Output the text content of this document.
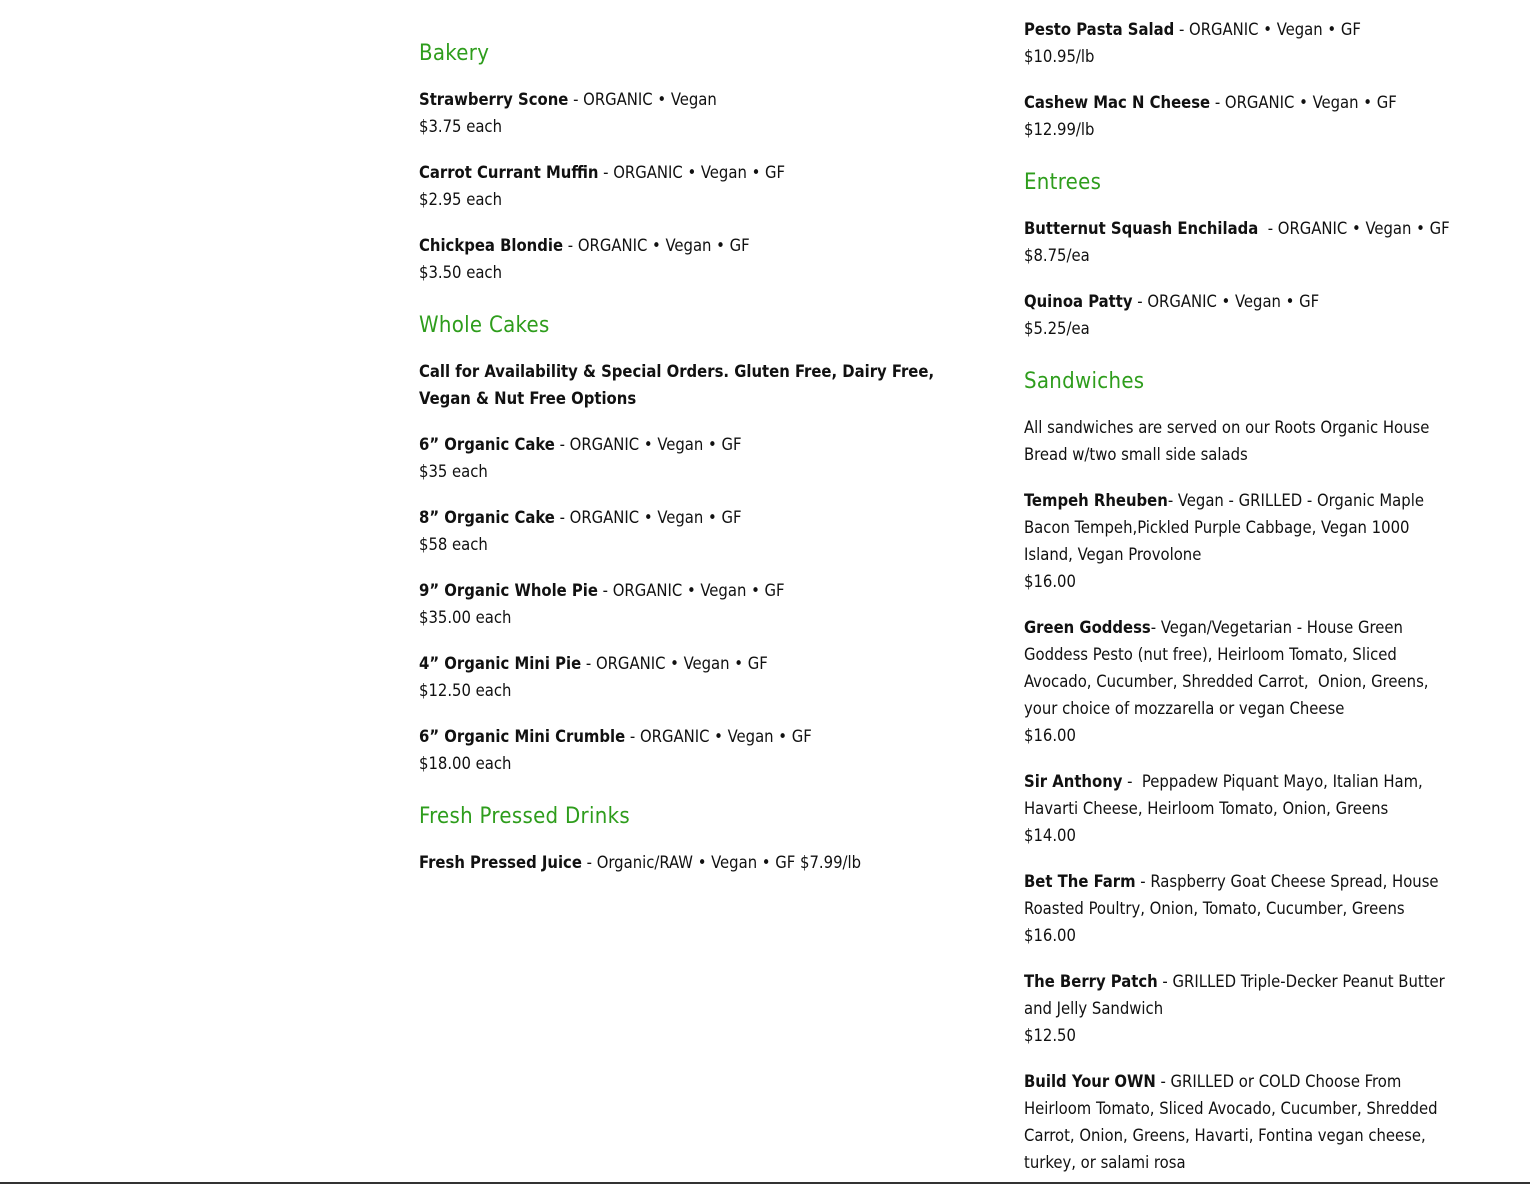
Bakery
Strawberry Scone - ORGANIC • Vegan
$3.75 each
Carrot Currant Muffin - ORGANIC • Vegan • GF
$2.95 each
Chickpea Blondie - ORGANIC • Vegan • GF
$3.50 each
Whole Cakes
Call for Availability & Special Orders. Gluten Free, Dairy Free, Vegan & Nut Free Options
6” Organic Cake - ORGANIC • Vegan • GF
$35 each
8” Organic Cake - ORGANIC • Vegan • GF
$58 each
9” Organic Whole Pie - ORGANIC • Vegan • GF
$35.00 each
4” Organic Mini Pie - ORGANIC • Vegan • GF
$12.50 each
6” Organic Mini Crumble - ORGANIC • Vegan • GF
$18.00 each
Fresh Pressed Drinks
Fresh Pressed Juice - Organic/RAW • Vegan • GF $7.99/lb
Pesto Pasta Salad - ORGANIC • Vegan • GF
$10.95/lb
Cashew Mac N Cheese - ORGANIC • Vegan • GF
$12.99/lb
Entrees
Butternut Squash Enchilada  - ORGANIC • Vegan • GF
$8.75/ea
Quinoa Patty - ORGANIC • Vegan • GF
$5.25/ea
Sandwiches
All sandwiches are served on our Roots Organic House Bread w/two small side salads
Tempeh Rheuben- Vegan - GRILLED - Organic Maple Bacon Tempeh,Pickled Purple Cabbage, Vegan 1000 Island, Vegan Provolone
$16.00
Green Goddess- Vegan/Vegetarian - House Green Goddess Pesto (nut free), Heirloom Tomato, Sliced Avocado, Cucumber, Shredded Carrot,  Onion, Greens, your choice of mozzarella or vegan Cheese
$16.00
Sir Anthony -  Peppadew Piquant Mayo, Italian Ham, Havarti Cheese, Heirloom Tomato, Onion, Greens
$14.00
Bet The Farm - Raspberry Goat Cheese Spread, House Roasted Poultry, Onion, Tomato, Cucumber, Greens
$16.00
The Berry Patch - GRILLED Triple-Decker Peanut Butter and Jelly Sandwich
$12.50
Build Your OWN - GRILLED or COLD Choose From Heirloom Tomato, Sliced Avocado, Cucumber, Shredded Carrot, Onion, Greens, Havarti, Fontina vegan cheese, turkey, or salami rosa
